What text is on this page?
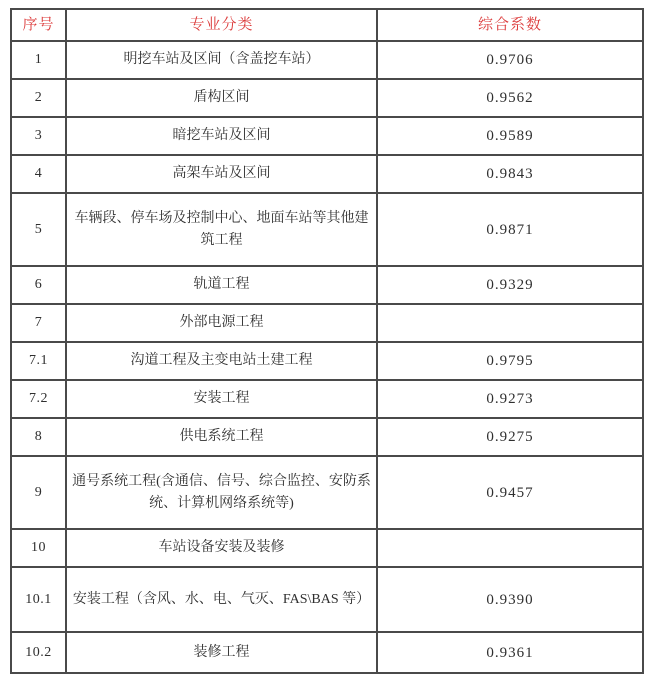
序号	专业分类	综合系数
1	明挖车站及区间（含盖挖车站）	0.9706
2	盾构区间	0.9562
3	暗挖车站及区间	0.9589
4	高架车站及区间	0.9843
5	车辆段、停车场及控制中心、地面车站等其他建筑工程	0.9871
6	轨道工程	0.9329
7	外部电源工程	
7.1	沟道工程及主变电站土建工程	0.9795
7.2	安装工程	0.9273
8	供电系统工程	0.9275
9	通号系统工程(含通信、信号、综合监控、安防系统、计算机网络系统等)	0.9457
10	车站设备安装及装修	
10.1	安装工程（含风、水、电、气灭、FAS\BAS 等）	0.9390
10.2	装修工程	0.9361
